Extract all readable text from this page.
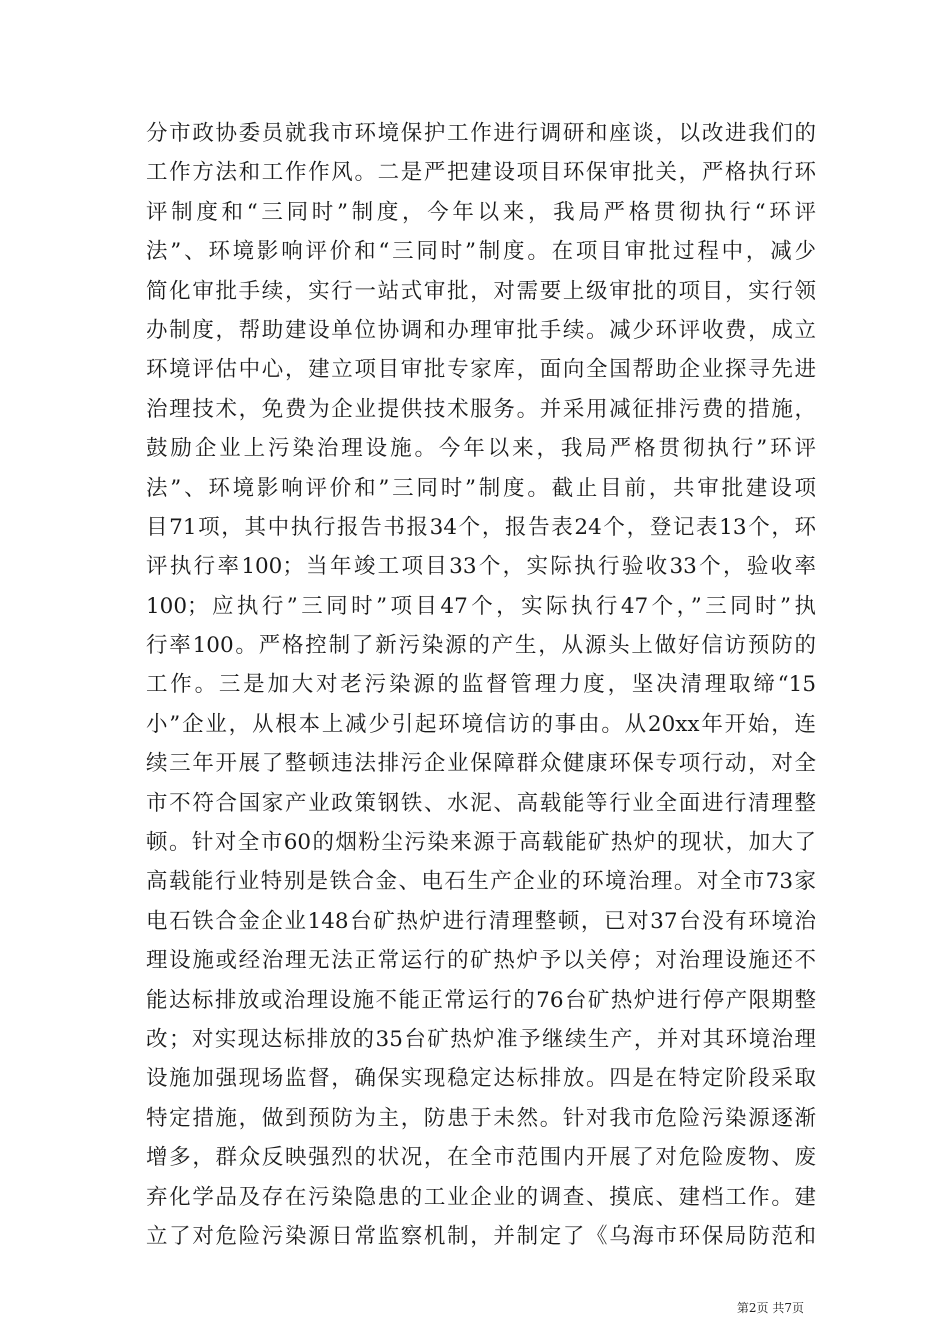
分市政协委员就我市环境保护工作进行调研和座谈，以改进我们的
工作方法和工作作风。二是严把建设项目环保审批关，严格执行环
评制度和“三同时”制度，今年以来，我局严格贯彻执行“环评
法”、环境影响评价和“三同时”制度。在项目审批过程中，减少
简化审批手续，实行一站式审批，对需要上级审批的项目，实行领
办制度，帮助建设单位协调和办理审批手续。减少环评收费，成立
环境评估中心，建立项目审批专家库，面向全国帮助企业探寻先进
治理技术，免费为企业提供技术服务。并采用减征排污费的措施，
鼓励企业上污染治理设施。今年以来，我局严格贯彻执行”环评
法”、环境影响评价和”三同时”制度。截止目前，共审批建设项
目71项，其中执行报告书报34个，报告表24个，登记表13个，环
评执行率100；当年竣工项目33个，实际执行验收33个，验收率
100；应执行”三同时”项目47个，实际执行47个，”三同时”执
行率100。严格控制了新污染源的产生，从源头上做好信访预防的
工作。三是加大对老污染源的监督管理力度，坚决清理取缔“15
小”企业，从根本上减少引起环境信访的事由。从20xx年开始，连
续三年开展了整顿违法排污企业保障群众健康环保专项行动，对全
市不符合国家产业政策钢铁、水泥、高载能等行业全面进行清理整
顿。针对全市60的烟粉尘污染来源于高载能矿热炉的现状，加大了
高载能行业特别是铁合金、电石生产企业的环境治理。对全市73家
电石铁合金企业148台矿热炉进行清理整顿，已对37台没有环境治
理设施或经治理无法正常运行的矿热炉予以关停；对治理设施还不
能达标排放或治理设施不能正常运行的76台矿热炉进行停产限期整
改；对实现达标排放的35台矿热炉准予继续生产，并对其环境治理
设施加强现场监督，确保实现稳定达标排放。四是在特定阶段采取
特定措施，做到预防为主，防患于未然。针对我市危险污染源逐渐
增多，群众反映强烈的状况，在全市范围内开展了对危险废物、废
弃化学品及存在污染隐患的工业企业的调查、摸底、建档工作。建
立了对危险污染源日常监察机制，并制定了《乌海市环保局防范和
第2页 共7页
